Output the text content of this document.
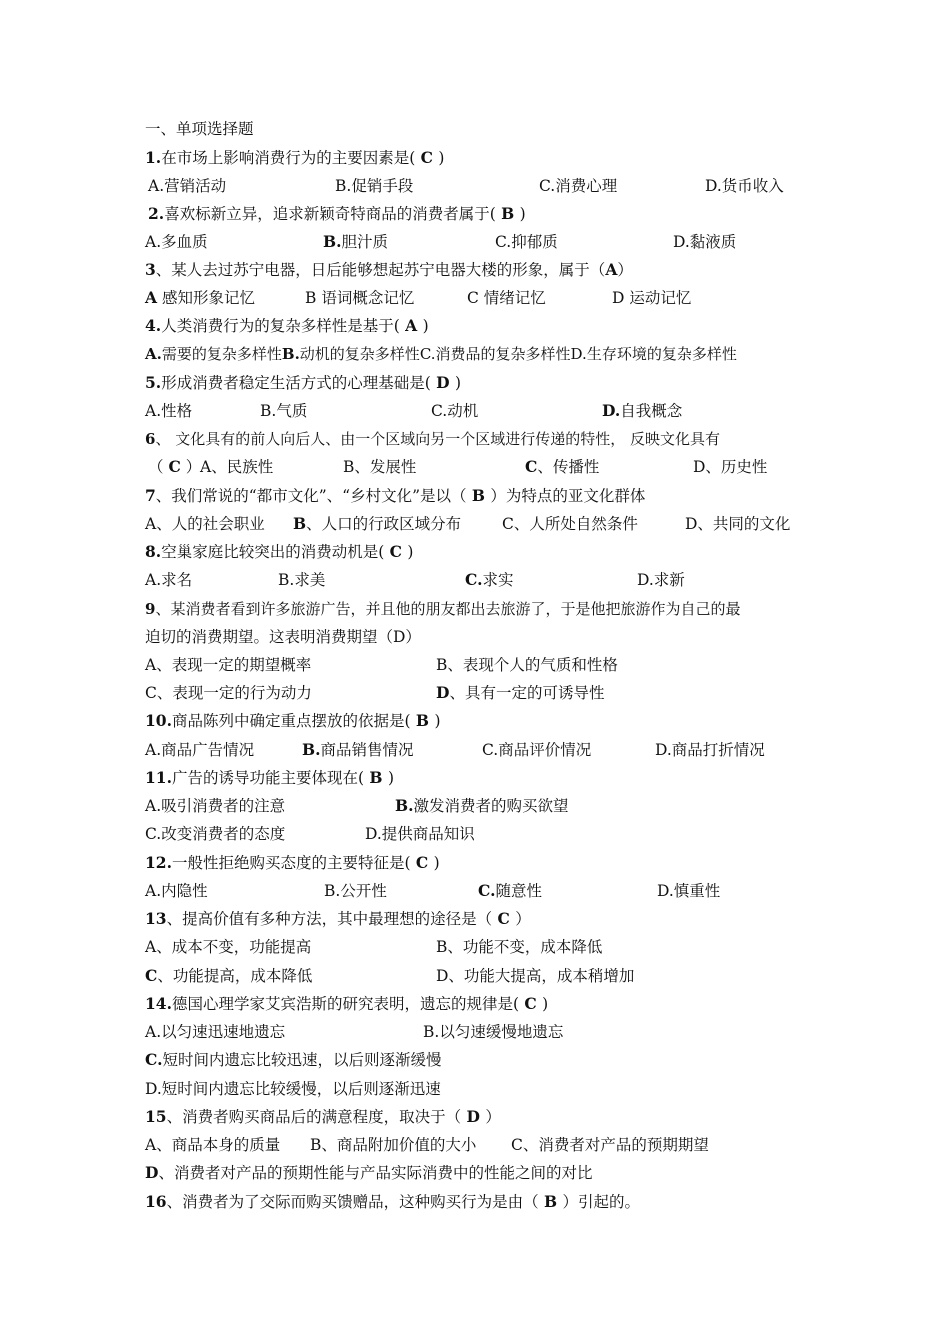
一、单项选择题
1.在市场上影响消费行为的主要因素是( C )
A.营销活动	B.促销手段	C.消费心理	D.货币收入
2.喜欢标新立异，追求新颖奇特商品的消费者属于( B )
A.多血质	B.胆汁质	C.抑郁质	D.黏液质
3、某人去过苏宁电器，日后能够想起苏宁电器大楼的形象，属于（A）
A 感知形象记忆	B 语词概念记忆	C 情绪记忆	D 运动记忆
4.人类消费行为的复杂多样性是基于( A )
A.需要的复杂多样性B.动机的复杂多样性C.消费品的复杂多样性D.生存环境的复杂多样性
5.形成消费者稳定生活方式的心理基础是( D )
A.性格	B.气质	C.动机	D.自我概念
6、 文化具有的前人向后人、由一个区域向另一个区域进行传递的特性， 反映文化具有
（ C ）
A、民族性	B、发展性	C、传播性	D、历史性
7、我们常说的“都市文化”、“乡村文化”是以（ B ）为特点的亚文化群体
A、人的社会职业 B、人口的行政区域分布	C、人所处自然条件	D、共同的文化
8.空巢家庭比较突出的消费动机是( C )
A.求名	B.求美	C.求实	D.求新
9、某消费者看到许多旅游广告，并且他的朋友都出去旅游了，于是他把旅游作为自己的最
迫切的消费期望。这表明消费期望（D）
A、表现一定的期望概率	B、表现个人的气质和性格
C、表现一定的行为动力	D、具有一定的可诱导性
10.商品陈列中确定重点摆放的依据是( B )
A.商品广告情况	B.商品销售情况	C.商品评价情况	D.商品打折情况
11.广告的诱导功能主要体现在( B )
A.吸引消费者的注意	B.激发消费者的购买欲望
C.改变消费者的态度	D.提供商品知识
12.一般性拒绝购买态度的主要特征是( C )
A.内隐性	B.公开性	C.随意性	D.慎重性
13、提高价值有多种方法，其中最理想的途径是（ C ）
A、成本不变，功能提高	B、功能不变，成本降低
C、功能提高，成本降低	D、功能大提高，成本稍增加
14.德国心理学家艾宾浩斯的研究表明，遗忘的规律是( C )
A.以匀速迅速地遗忘	B.以匀速缓慢地遗忘
C.短时间内遗忘比较迅速，以后则逐渐缓慢
D.短时间内遗忘比较缓慢，以后则逐渐迅速
15、消费者购买商品后的满意程度，取决于（ D ）
A、商品本身的质量 B、商品附加价值的大小 C、消费者对产品的预期期望
D、消费者对产品的预期性能与产品实际消费中的性能之间的对比
16、消费者为了交际而购买馈赠品，这种购买行为是由（ B ）引起的。
